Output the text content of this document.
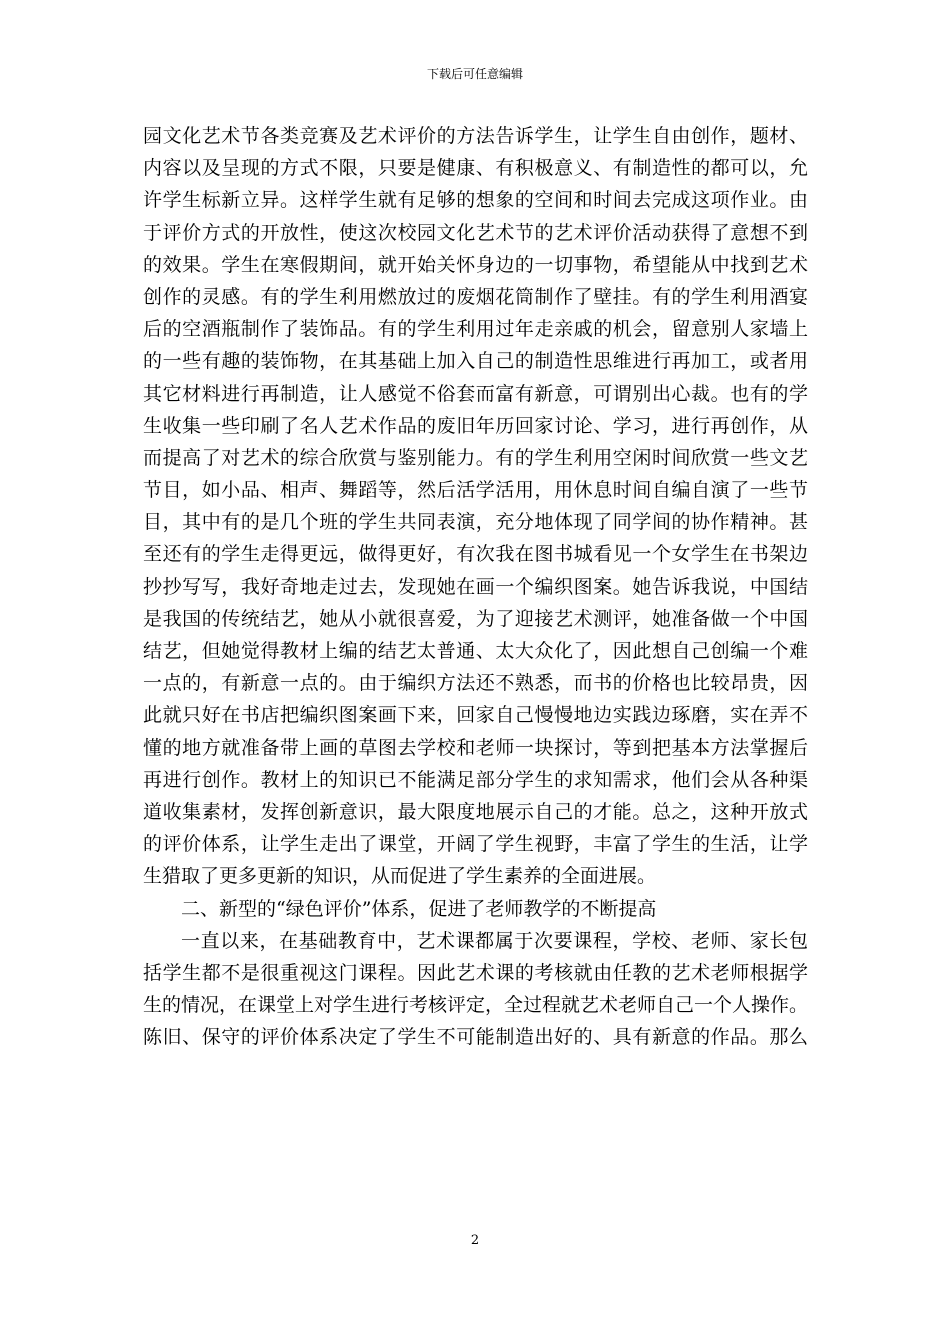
下载后可任意编辑
园文化艺术节各类竞赛及艺术评价的方法告诉学生，让学生自由创作，题材、
内容以及呈现的方式不限，只要是健康、有积极意义、有制造性的都可以，允
许学生标新立异。这样学生就有足够的想象的空间和时间去完成这项作业。由
于评价方式的开放性，使这次校园文化艺术节的艺术评价活动获得了意想不到
的效果。学生在寒假期间，就开始关怀身边的一切事物，希望能从中找到艺术
创作的灵感。有的学生利用燃放过的废烟花筒制作了壁挂。有的学生利用酒宴
后的空酒瓶制作了装饰品。有的学生利用过年走亲戚的机会，留意别人家墙上
的一些有趣的装饰物，在其基础上加入自己的制造性思维进行再加工，或者用
其它材料进行再制造，让人感觉不俗套而富有新意，可谓别出心裁。也有的学
生收集一些印刷了名人艺术作品的废旧年历回家讨论、学习，进行再创作，从
而提高了对艺术的综合欣赏与鉴别能力。有的学生利用空闲时间欣赏一些文艺
节目，如小品、相声、舞蹈等，然后活学活用，用休息时间自编自演了一些节
目，其中有的是几个班的学生共同表演，充分地体现了同学间的协作精神。甚
至还有的学生走得更远，做得更好，有次我在图书城看见一个女学生在书架边
抄抄写写，我好奇地走过去，发现她在画一个编织图案。她告诉我说，中国结
是我国的传统结艺，她从小就很喜爱，为了迎接艺术测评，她准备做一个中国
结艺，但她觉得教材上编的结艺太普通、太大众化了，因此想自己创编一个难
一点的，有新意一点的。由于编织方法还不熟悉，而书的价格也比较昂贵，因
此就只好在书店把编织图案画下来，回家自己慢慢地边实践边琢磨，实在弄不
懂的地方就准备带上画的草图去学校和老师一块探讨，等到把基本方法掌握后
再进行创作。教材上的知识已不能满足部分学生的求知需求，他们会从各种渠
道收集素材，发挥创新意识，最大限度地展示自己的才能。总之，这种开放式
的评价体系，让学生走出了课堂，开阔了学生视野，丰富了学生的生活，让学
生猎取了更多更新的知识，从而促进了学生素养的全面进展。
二、新型的“绿色评价”体系，促进了老师教学的不断提高
一直以来，在基础教育中，艺术课都属于次要课程，学校、老师、家长包
括学生都不是很重视这门课程。因此艺术课的考核就由任教的艺术老师根据学
生的情况，在课堂上对学生进行考核评定，全过程就艺术老师自己一个人操作。
陈旧、保守的评价体系决定了学生不可能制造出好的、具有新意的作品。那么
2
